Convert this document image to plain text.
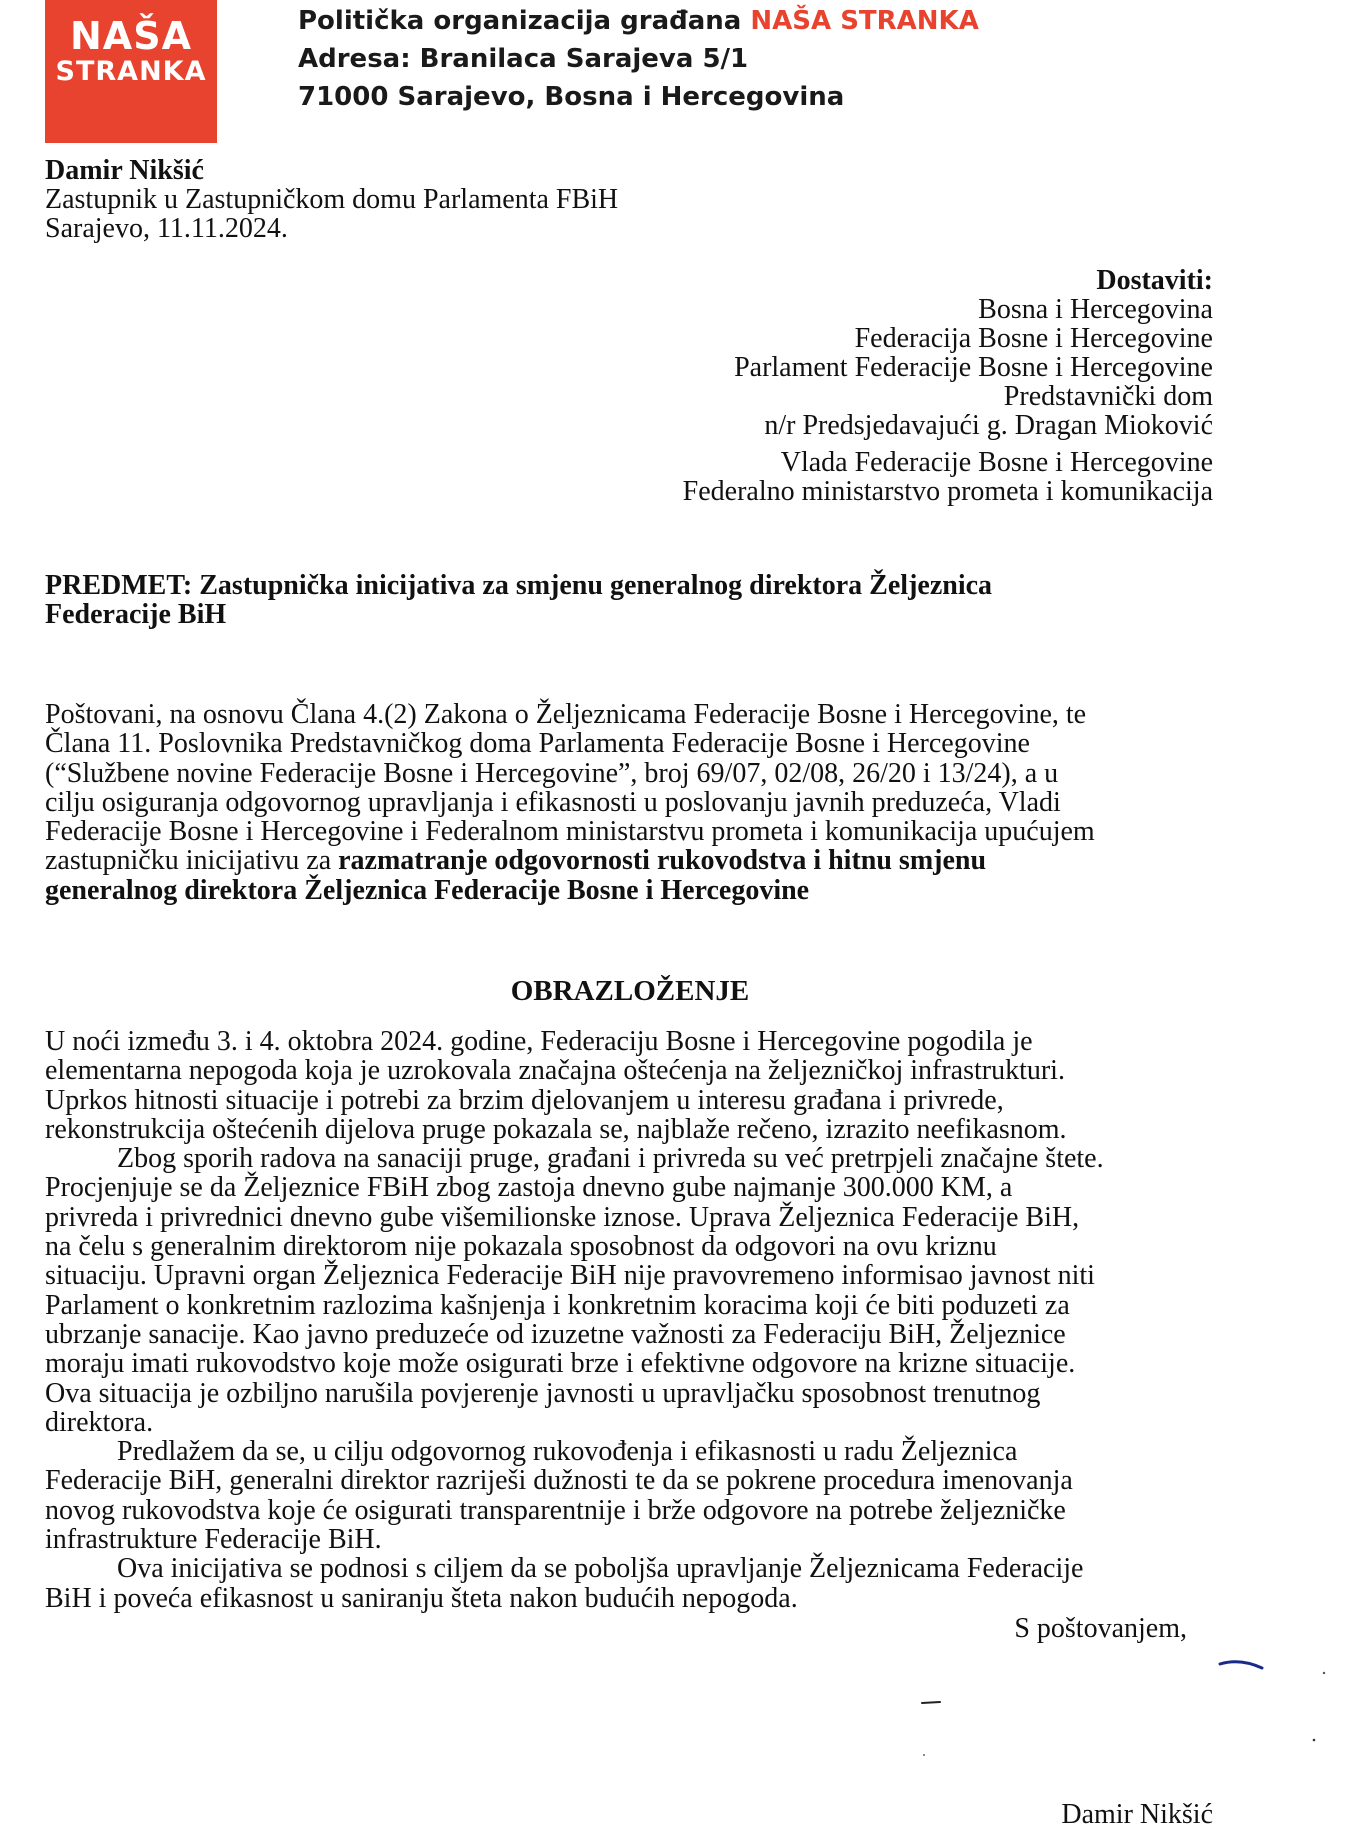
NAŠA
STRANKA
Politička organizacija građana NAŠA STRANKA
Adresa: Branilaca Sarajeva 5/1
71000 Sarajevo, Bosna i Hercegovina
Damir Nikšić
Zastupnik u Zastupničkom domu Parlamenta FBiH
Sarajevo, 11.11.2024.
Dostaviti:
Bosna i Hercegovina
Federacija Bosne i Hercegovine
Parlament Federacije Bosne i Hercegovine
Predstavnički dom
n/r Predsjedavajući g. Dragan Mioković
Vlada Federacije Bosne i Hercegovine
Federalno ministarstvo prometa i komunikacija
PREDMET: Zastupnička inicijativa za smjenu generalnog direktora Željeznica
Federacije BiH
Poštovani, na osnovu Člana 4.(2) Zakona o Željeznicama Federacije Bosne i Hercegovine, te
Člana 11. Poslovnika Predstavničkog doma Parlamenta Federacije Bosne i Hercegovine
(“Službene novine Federacije Bosne i Hercegovine”, broj 69/07, 02/08, 26/20 i 13/24), a u
cilju osiguranja odgovornog upravljanja i efikasnosti u poslovanju javnih preduzeća, Vladi
Federacije Bosne i Hercegovine i Federalnom ministarstvu prometa i komunikacija upućujem
zastupničku inicijativu za razmatranje odgovornosti rukovodstva i hitnu smjenu
generalnog direktora Željeznica Federacije Bosne i Hercegovine
OBRAZLOŽENJE

U noći između 3. i 4. oktobra 2024. godine, Federaciju Bosne i Hercegovine pogodila je
elementarna nepogoda koja je uzrokovala značajna oštećenja na željezničkoj infrastrukturi.
Uprkos hitnosti situacije i potrebi za brzim djelovanjem u interesu građana i privrede,
rekonstrukcija oštećenih dijelova pruge pokazala se, najblaže rečeno, izrazito neefikasnom.

Zbog sporih radova na sanaciji pruge, građani i privreda su već pretrpjeli značajne štete.
Procjenjuje se da Željeznice FBiH zbog zastoja dnevno gube najmanje 300.000 KM, a
privreda i privrednici dnevno gube višemilionske iznose. Uprava Željeznica Federacije BiH,
na čelu s generalnim direktorom nije pokazala sposobnost da odgovori na ovu kriznu
situaciju. Upravni organ Željeznica Federacije BiH nije pravovremeno informisao javnost niti
Parlament o konkretnim razlozima kašnjenja i konkretnim koracima koji će biti poduzeti za
ubrzanje sanacije. Kao javno preduzeće od izuzetne važnosti za Federaciju BiH, Željeznice
moraju imati rukovodstvo koje može osigurati brze i efektivne odgovore na krizne situacije.
Ova situacija je ozbiljno narušila povjerenje javnosti u upravljačku sposobnost trenutnog
direktora.

Predlažem da se, u cilju odgovornog rukovođenja i efikasnosti u radu Željeznica
Federacije BiH, generalni direktor razriješi dužnosti te da se pokrene procedura imenovanja
novog rukovodstva koje će osigurati transparentnije i brže odgovore na potrebe željezničke
infrastrukture Federacije BiH.

Ova inicijativa se podnosi s ciljem da se poboljša upravljanje Željeznicama Federacije
BiH i poveća efikasnost u saniranju šteta nakon budućih nepogoda.

S poštovanjem,
Damir Nikšić
